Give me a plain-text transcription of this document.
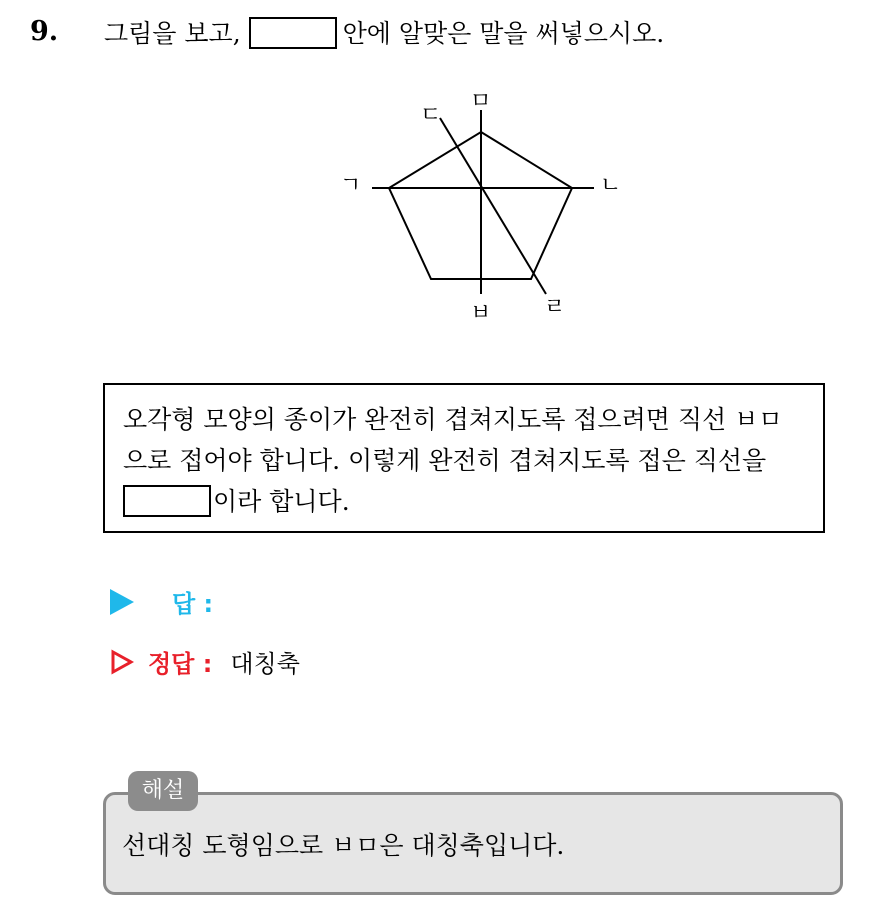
9. 그림을 보고,	안에 알맞은 말을 써넣으시오.
ㅁ
ㄷ
ㄱ	ㄴ
ㅂ ㄹ
오각형 모양의 종이가 완전히 겹쳐지도록 접으려면 직선 ㅂㅁ
으로 접어야 합니다. 이렇게 완전히 겹쳐지도록 접은 직선을
이라 합니다.
답 :
정답 : 대칭축
해설
선대칭 도형임으로 ㅂㅁ은 대칭축입니다.
